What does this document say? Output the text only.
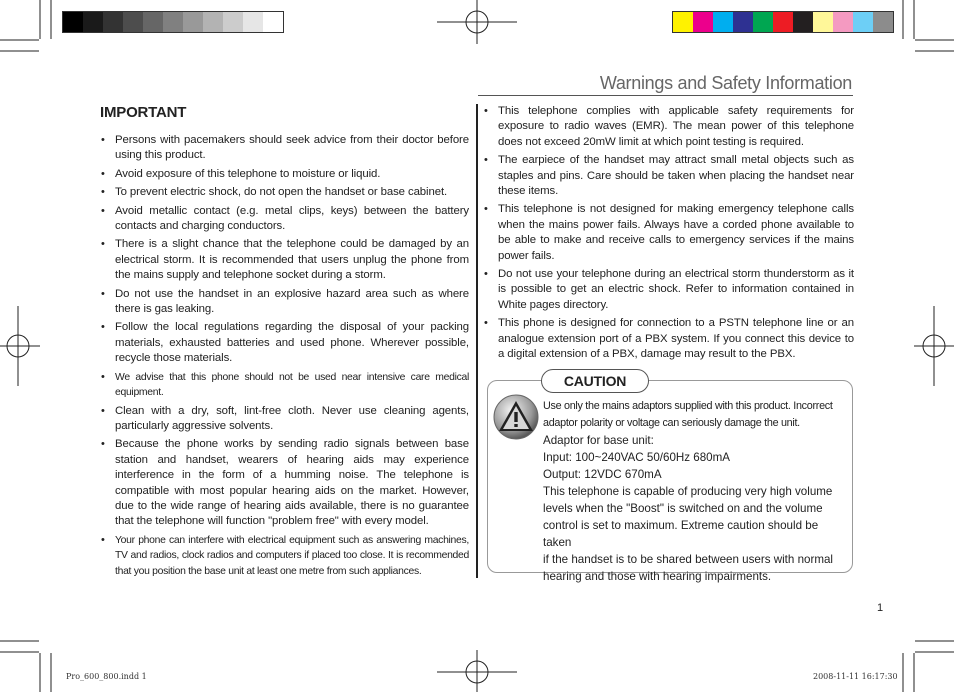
Warnings and Safety Information
IMPORTANT
• Persons with pacemakers should seek advice from their doctor before using this product.
• Avoid exposure of this telephone to moisture or liquid.
• To prevent electric shock, do not open the handset or base cabinet.
• Avoid metallic contact (e.g. metal clips, keys) between the battery contacts and charging conductors.
• There is a slight chance that the telephone could be damaged by an electrical storm. It is recommended that users unplug the phone from the mains supply and telephone socket during a storm.
• Do not use the handset in an explosive hazard area such as where there is gas leaking.
• Follow the local regulations regarding the disposal of your packing materials, exhausted batteries and used phone. Wherever possible, recycle those materials.
• We advise that this phone should not be used near intensive care medical equipment.
• Clean with a dry, soft, lint-free cloth. Never use cleaning agents, particularly aggressive solvents.
• Because the phone works by sending radio signals between base station and handset, wearers of hearing aids may experience interference in the form of a humming noise. The telephone is compatible with most popular hearing aids on the market. However, due to the wide range of hearing aids available, there is no guarantee that the telephone will function "problem free" with every model.
• Your phone can interfere with electrical equipment such as answering machines, TV and radios, clock radios and computers if placed too close. It is recommended that you position the base unit at least one metre from such appliances.
• This telephone complies with applicable safety requirements for exposure to radio waves (EMR). The mean power of this telephone does not exceed 20mW limit at which point testing is required.
• The earpiece of the handset may attract small metal objects such as staples and pins. Care should be taken when placing the handset near these items.
• This telephone is not designed for making emergency telephone calls when the mains power fails. Always have a corded phone available to be able to make and receive calls to emergency services if the mains power fails.
• Do not use your telephone during an electrical storm thunderstorm as it is possible to get an electric shock. Refer to information contained in White pages directory.
• This phone is designed for connection to a PSTN telephone line or an analogue extension port of a PBX system. If you connect this device to a digital extension of a PBX, damage may result to the PBX.
CAUTION
Use only the mains adaptors supplied with this product. Incorrect
adaptor polarity or voltage can seriously damage the unit.
Adaptor for base unit:
Input: 100~240VAC 50/60Hz 680mA
Output: 12VDC 670mA
This telephone is capable of producing very high volume
levels when the "Boost" is switched on and the volume
control is set to maximum. Extreme caution should be taken
if the handset is to be shared between users with normal
hearing and those with hearing impairments.
1
Pro_600_800.indd 1	2008-11-11 16:17:30
